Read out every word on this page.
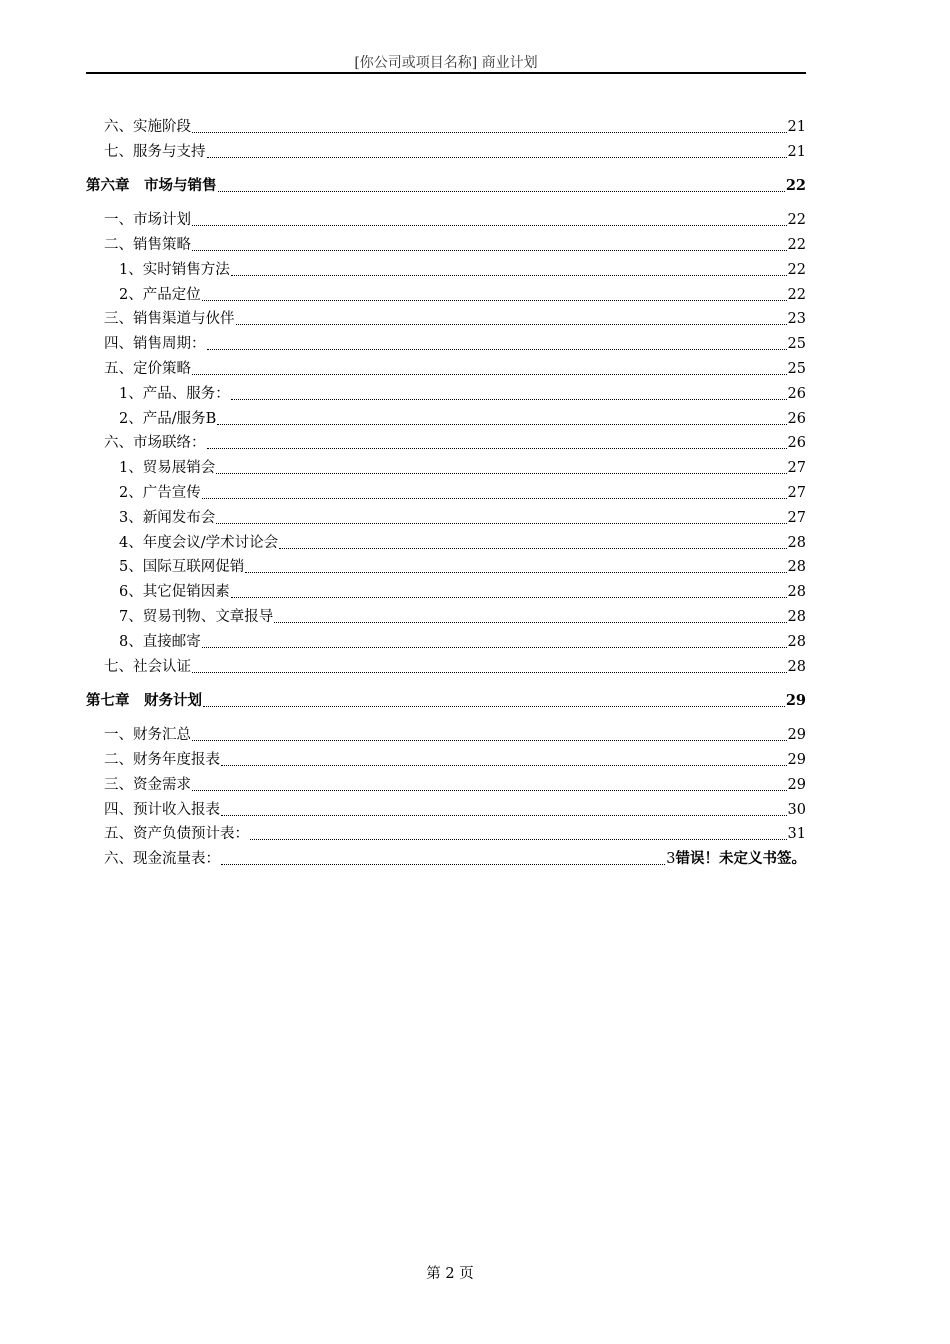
[你公司或项目名称] 商业计划
六、实施阶段	21
七、服务与支持	21
第六章　市场与销售	22
一、市场计划	22
二、销售策略	22
1、实时销售方法	22
2、产品定位	22
三、销售渠道与伙伴	23
四、销售周期：	25
五、定价策略	25
1、产品、服务：	26
2、产品/服务B	26
六、市场联络：	26
1、贸易展销会	27
2、广告宣传	27
3、新闻发布会	27
4、年度会议/学术讨论会	28
5、国际互联网促销	28
6、其它促销因素	28
7、贸易刊物、文章报导	28
8、直接邮寄	28
七、社会认证	28
第七章　财务计划	29
一、财务汇总	29
二、财务年度报表	29
三、资金需求	29
四、预计收入报表	30
五、资产负债预计表：	31
六、现金流量表：	3 错误！未定义书签。
第 2 页
